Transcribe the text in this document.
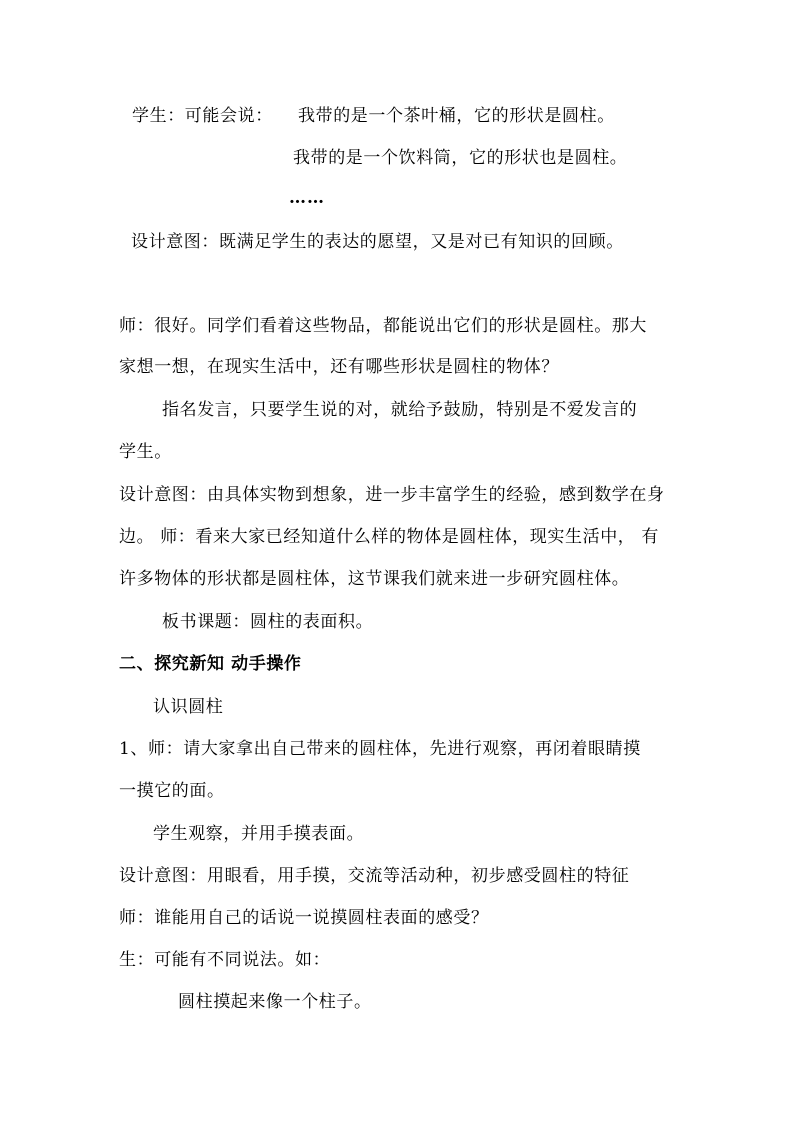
学生：可能会说： 我带的是一个茶叶桶，它的形状是圆柱。
我带的是一个饮料筒，它的形状也是圆柱。
……
设计意图：既满足学生的表达的愿望，又是对已有知识的回顾。
师：很好。同学们看着这些物品，都能说出它们的形状是圆柱。那大
家想一想，在现实生活中，还有哪些形状是圆柱的物体？
指名发言，只要学生说的对，就给予鼓励，特别是不爱发言的
学生。
设计意图：由具体实物到想象，进一步丰富学生的经验，感到数学在身
边。 师：看来大家已经知道什么样的物体是圆柱体，现实生活中， 有
许多物体的形状都是圆柱体，这节课我们就来进一步研究圆柱体。
板书课题：圆柱的表面积。
二、探究新知 动手操作
认识圆柱
1、师：请大家拿出自己带来的圆柱体，先进行观察，再闭着眼睛摸
一摸它的面。
学生观察，并用手摸表面。
设计意图：用眼看，用手摸，交流等活动种，初步感受圆柱的特征
师：谁能用自己的话说一说摸圆柱表面的感受？
生：可能有不同说法。如：
圆柱摸起来像一个柱子。
